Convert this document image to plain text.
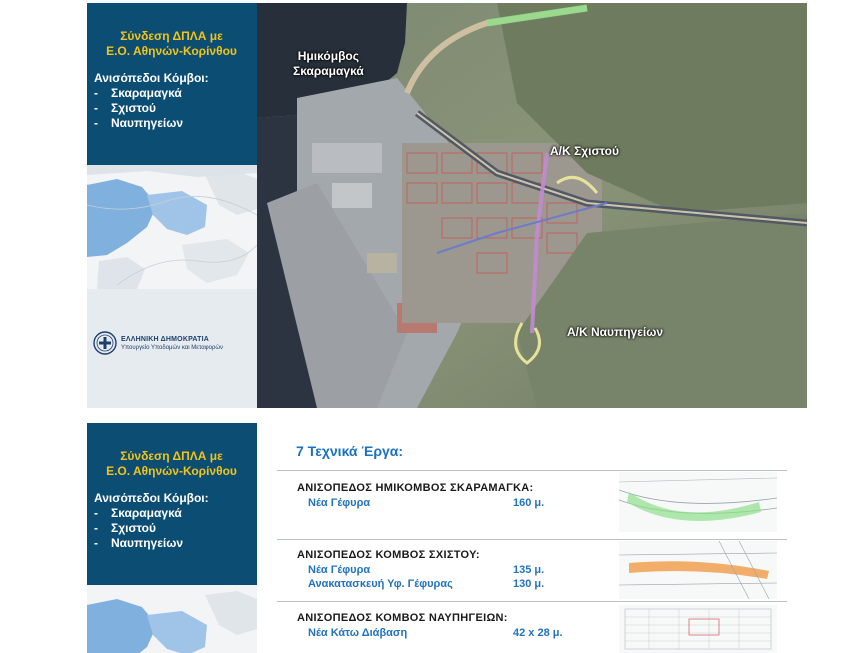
Σύνδεση ΔΠΛΑ με
Ε.Ο. Αθηνών-Κορίνθου
Ανισόπεδοι Κόμβοι:
-	Σκαραμαγκά
-	Σχιστού
-	Ναυπηγείων
ΕΛΛΗΝΙΚΗ ΔΗΜΟΚΡΑΤΙΑ
Υπουργείο Υποδομών και Μεταφορών
Ημικόμβος
Σκαραμαγκά
Α/Κ Σχιστού
Α/Κ Ναυπηγείων
Σύνδεση ΔΠΛΑ με
Ε.Ο. Αθηνών-Κορίνθου
Ανισόπεδοι Κόμβοι:
-	Σκαραμαγκά
-	Σχιστού
-	Ναυπηγείων
7 Τεχνικά Έργα:
ΑΝΙΣΟΠΕΔΟΣ ΗΜΙΚΟΜΒΟΣ ΣΚΑΡΑΜΑΓΚΑ:
Νέα Γέφυρα	160 μ.
ΑΝΙΣΟΠΕΔΟΣ ΚΟΜΒΟΣ ΣΧΙΣΤΟΥ:
Νέα Γέφυρα	135 μ.
Ανακατασκευή Υφ. Γέφυρας	130 μ.
ΑΝΙΣΟΠΕΔΟΣ ΚΟΜΒΟΣ ΝΑΥΠΗΓΕΙΩΝ:
Νέα Κάτω Διάβαση	42 x 28 μ.
